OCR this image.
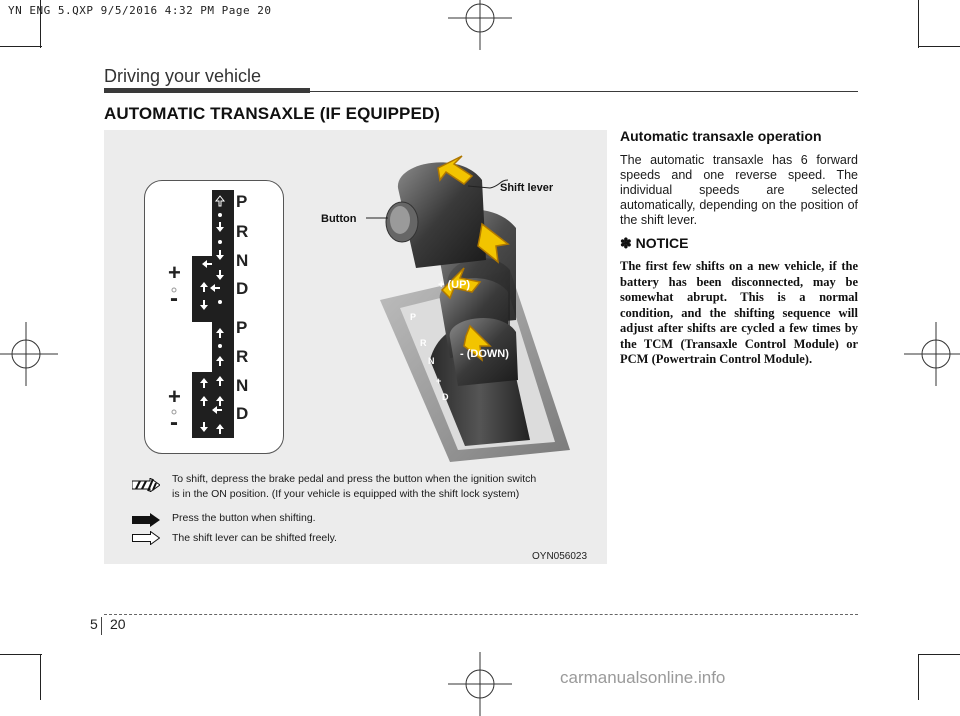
YN ENG 5.QXP 9/5/2016 4:32 PM Page 20
Driving your vehicle
AUTOMATIC TRANSAXLE (IF EQUIPPED)
P
R
N
D
+
-
P
R
N
D
+
-
P
R
N
+
D
Shift lever
Button
+ (UP)
- (DOWN)
To shift, depress the brake pedal and press the button when the ignition switch
is in the ON position. (If your vehicle is equipped with the shift lock system)
Press the button when shifting.
The shift lever can be shifted freely.
OYN056023
Automatic transaxle operation
The automatic transaxle has 6 forward speeds and one reverse speed. The individual speeds are selected automatically, depending on the position of the shift lever.
✽ NOTICE
The first few shifts on a new vehicle, if the battery has been disconnected, may be somewhat abrupt. This is a normal condition, and the shifting sequence will adjust after shifts are cycled a few times by the TCM (Transaxle Control Module) or PCM (Powertrain Control Module).
5 20
carmanualsonline.info
